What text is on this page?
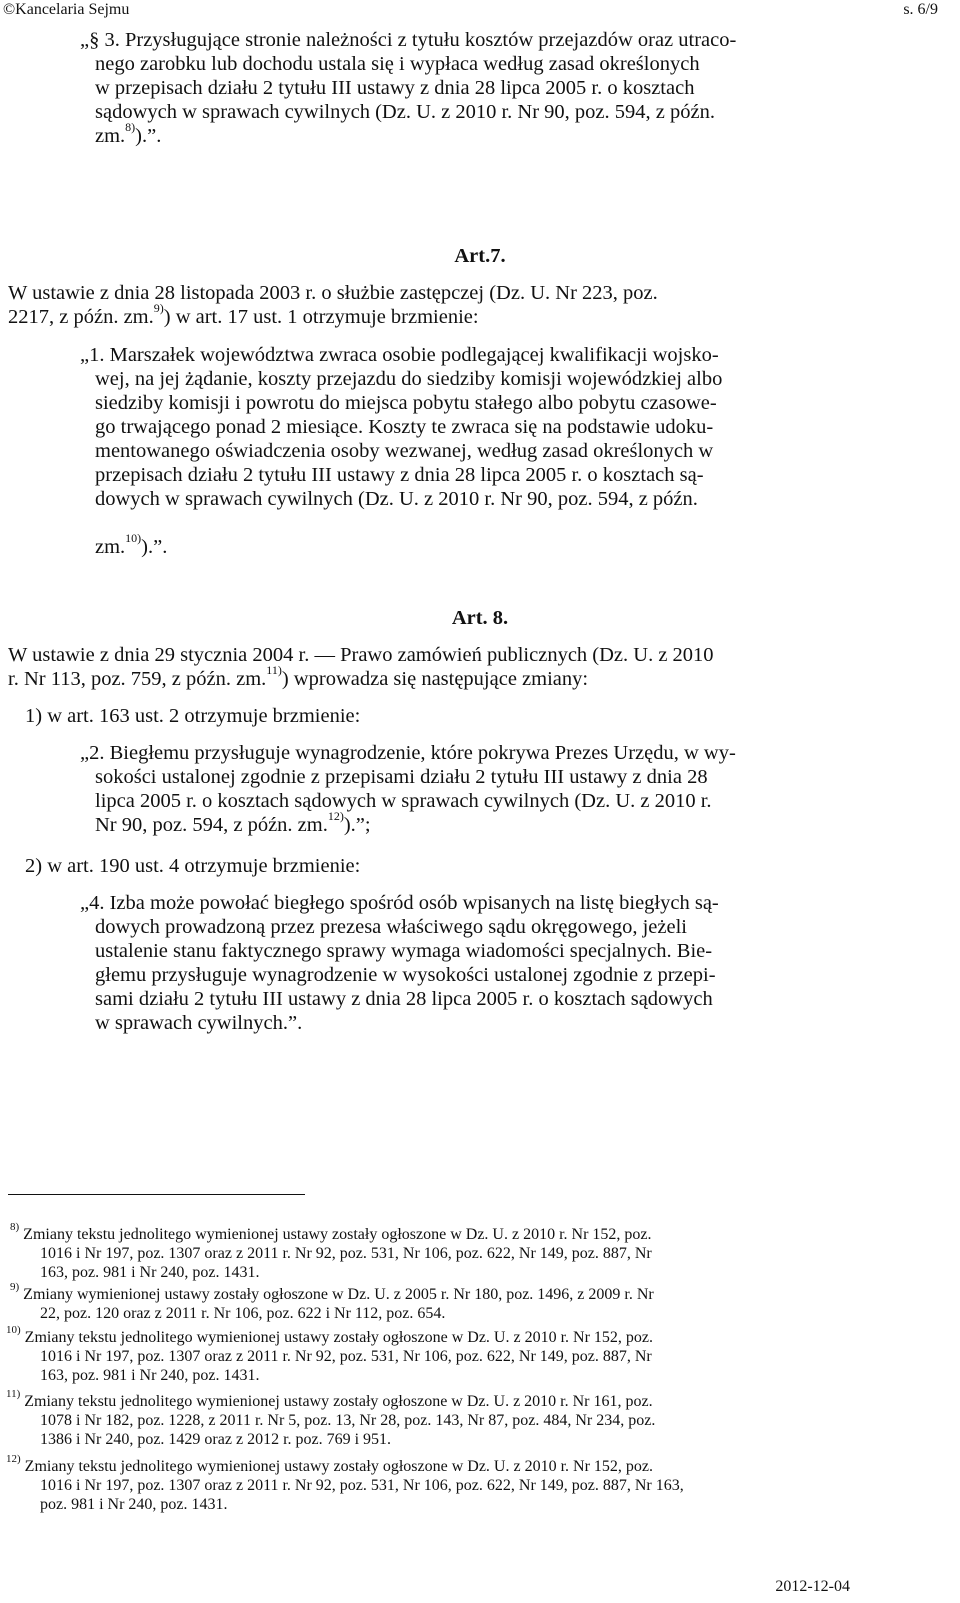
©Kancelaria Sejmu	s. 6/9
„§ 3. Przysługujące stronie należności z tytułu kosztów przejazdów oraz utraco-
nego zarobku lub dochodu ustala się i wypłaca według zasad określonych
w przepisach działu 2 tytułu III ustawy z dnia 28 lipca 2005 r. o kosztach
sądowych w sprawach cywilnych (Dz. U. z 2010 r. Nr 90, poz. 594, z późn.
zm.$^{8)}$).”.
Art.7.
W ustawie z dnia 28 listopada 2003 r. o służbie zastępczej (Dz. U. Nr 223, poz.
2217, z późn. zm.$^{9)}$) w art. 17 ust. 1 otrzymuje brzmienie:
„1. Marszałek województwa zwraca osobie podlegającej kwalifikacji wojsko-
wej, na jej żądanie, koszty przejazdu do siedziby komisji wojewódzkiej albo
siedziby komisji i powrotu do miejsca pobytu stałego albo pobytu czasowe-
go trwającego ponad 2 miesiące. Koszty te zwraca się na podstawie udoku-
mentowanego oświadczenia osoby wezwanej, według zasad określonych w
przepisach działu 2 tytułu III ustawy z dnia 28 lipca 2005 r. o kosztach są-
dowych w sprawach cywilnych (Dz. U. z 2010 r. Nr 90, poz. 594, z późn.
zm.$^{10)}$).”.
Art. 8.
W ustawie z dnia 29 stycznia 2004 r. — Prawo zamówień publicznych (Dz. U. z 2010
r. Nr 113, poz. 759, z późn. zm.$^{11)}$) wprowadza się następujące zmiany:
1) w art. 163 ust. 2 otrzymuje brzmienie:
„2. Biegłemu przysługuje wynagrodzenie, które pokrywa Prezes Urzędu, w wy-
sokości ustalonej zgodnie z przepisami działu 2 tytułu III ustawy z dnia 28
lipca 2005 r. o kosztach sądowych w sprawach cywilnych (Dz. U. z 2010 r.
Nr 90, poz. 594, z późn. zm.$^{12)}$).”;
2) w art. 190 ust. 4 otrzymuje brzmienie:
„4. Izba może powołać biegłego spośród osób wpisanych na listę biegłych są-
dowych prowadzoną przez prezesa właściwego sądu okręgowego, jeżeli
ustalenie stanu faktycznego sprawy wymaga wiadomości specjalnych. Bie-
głemu przysługuje wynagrodzenie w wysokości ustalonej zgodnie z przepi-
sami działu 2 tytułu III ustawy z dnia 28 lipca 2005 r. o kosztach sądowych
w sprawach cywilnych.”.
$^{8)}$ Zmiany tekstu jednolitego wymienionej ustawy zostały ogłoszone w Dz. U. z 2010 r. Nr 152, poz.
1016 i Nr 197, poz. 1307 oraz z 2011 r. Nr 92, poz. 531, Nr 106, poz. 622, Nr 149, poz. 887, Nr
163, poz. 981 i Nr 240, poz. 1431.
$^{9)}$ Zmiany wymienionej ustawy zostały ogłoszone w Dz. U. z 2005 r. Nr 180, poz. 1496, z 2009 r. Nr
22, poz. 120 oraz z 2011 r. Nr 106, poz. 622 i Nr 112, poz. 654.
$^{10)}$ Zmiany tekstu jednolitego wymienionej ustawy zostały ogłoszone w Dz. U. z 2010 r. Nr 152, poz.
1016 i Nr 197, poz. 1307 oraz z 2011 r. Nr 92, poz. 531, Nr 106, poz. 622, Nr 149, poz. 887, Nr
163, poz. 981 i Nr 240, poz. 1431.
$^{11)}$ Zmiany tekstu jednolitego wymienionej ustawy zostały ogłoszone w Dz. U. z 2010 r. Nr 161, poz.
1078 i Nr 182, poz. 1228, z 2011 r. Nr 5, poz. 13, Nr 28, poz. 143, Nr 87, poz. 484, Nr 234, poz.
1386 i Nr 240, poz. 1429 oraz z 2012 r. poz. 769 i 951.
$^{12)}$ Zmiany tekstu jednolitego wymienionej ustawy zostały ogłoszone w Dz. U. z 2010 r. Nr 152, poz.
1016 i Nr 197, poz. 1307 oraz z 2011 r. Nr 92, poz. 531, Nr 106, poz. 622, Nr 149, poz. 887, Nr 163,
poz. 981 i Nr 240, poz. 1431.
2012-12-04
